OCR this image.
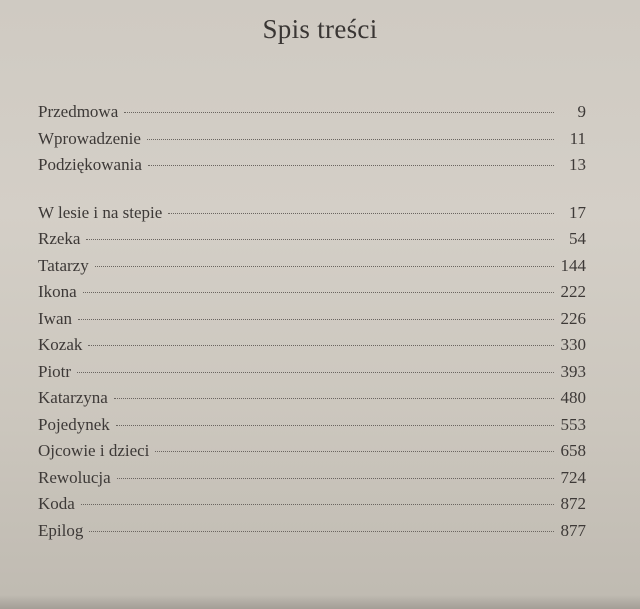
Spis treści
Przedmowa	9
Wprowadzenie	11
Podziękowania	13
W lesie i na stepie	17
Rzeka	54
Tatarzy	144
Ikona	222
Iwan	226
Kozak	330
Piotr	393
Katarzyna	480
Pojedynek	553
Ojcowie i dzieci	658
Rewolucja	724
Koda	872
Epilog	877
